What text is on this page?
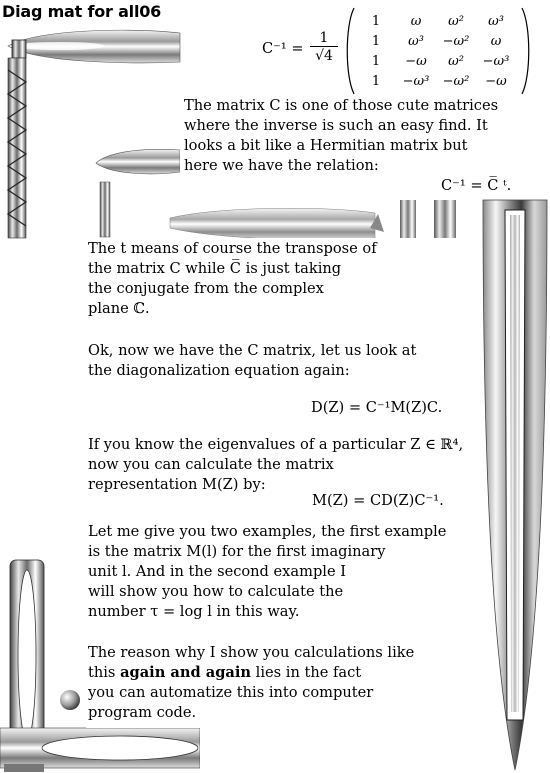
Diag mat for all06
$C^{-1} = \frac{1}{√4}$
1	ω	ω²	ω³
1	ω³	−ω²	ω
1	−ω	ω²	−ω³
1	−ω³	−ω²	−ω
The matrix C is one of those cute matrices
where the inverse is such an easy find. It
looks a bit like a Hermitian matrix but
here we have the relation:
C⁻¹ = C̅ ᵗ.
The t means of course the transpose of
the matrix C while C̅ is just taking
the conjugate from the complex
plane ℂ.
Ok, now we have the C matrix, let us look at
the diagonalization equation again:
D(Z) = C⁻¹M(Z)C.
If you know the eigenvalues of a particular Z ∈ ℝ⁴,
now you can calculate the matrix
representation M(Z) by:
M(Z) = CD(Z)C⁻¹.
Let me give you two examples, the first example
is the matrix M(l) for the first imaginary
unit l. And in the second example I
will show you how to calculate the
number τ = log l in this way.
The reason why I show you calculations like
this again and again lies in the fact
you can automatize this into computer
program code.
